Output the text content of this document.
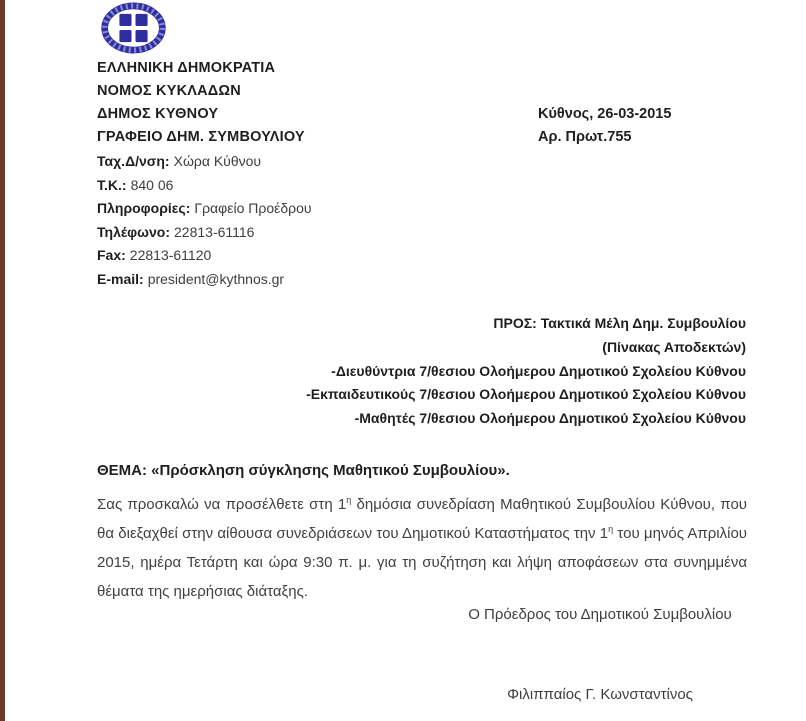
ΕΛΛΗΝΙΚΗ ΔΗΜΟΚΡΑΤΙΑ
ΝΟΜΟΣ ΚΥΚΛΑΔΩΝ
ΔΗΜΟΣ ΚΥΘΝΟΥ
ΓΡΑΦΕΙΟ ΔΗΜ. ΣΥΜΒΟΥΛΙΟΥ
Κύθνος, 26-03-2015
Αρ. Πρωτ.755
Ταχ.Δ/νση: Χώρα Κύθνου
Τ.Κ.: 840 06
Πληροφορίες: Γραφείο Προέδρου
Τηλέφωνο: 22813-61116
Fax: 22813-61120
E-mail: president@kythnos.gr
ΠΡΟΣ: Τακτικά Μέλη Δημ. Συμβουλίου
(Πίνακας Αποδεκτών)
-Διευθύντρια 7/θεσιου Ολοήμερου Δημοτικού Σχολείου Κύθνου
-Εκπαιδευτικούς 7/θεσιου Ολοήμερου Δημοτικού Σχολείου Κύθνου
-Μαθητές 7/θεσιου Ολοήμερου Δημοτικού Σχολείου Κύθνου
ΘΕΜΑ: «Πρόσκληση σύγκλησης Μαθητικού Συμβουλίου».

Σας προσκαλώ να προσέλθετε στη $1^\eta$ δημόσια συνεδρίαση Μαθητικού Συμβουλίου Κύθνου, που θα διεξαχθεί στην αίθουσα συνεδριάσεων του Δημοτικού Καταστήματος την $1^\eta$ του μηνός Απριλίου 2015, ημέρα Τετάρτη και ώρα 9:30 π. μ. για τη συζήτηση και λήψη αποφάσεων στα συνημμένα θέματα της ημερήσιας διάταξης.

Ο Πρόεδρος του Δημοτικού Συμβουλίου
Φιλιππαίος Γ. Κωνσταντίνος
